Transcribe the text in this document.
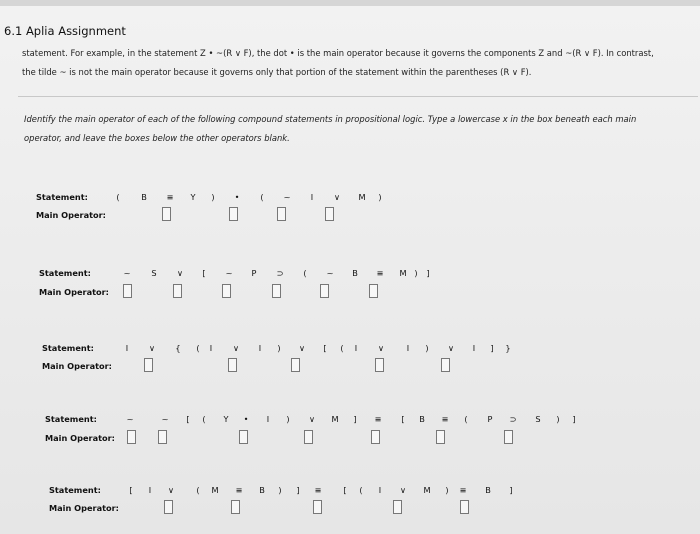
6.1 Aplia Assignment
statement. For example, in the statement Z • ~(R ∨ F), the dot • is the main operator because it governs the components Z and ~(R ∨ F). In contrast,
the tilde ~ is not the main operator because it governs only that portion of the statement within the parentheses (R ∨ F).
Identify the main operator of each of the following compound statements in propositional logic. Type a lowercase x in the box beneath each main
operator, and leave the boxes below the other operators blank.
Statement:
Main Operator:
(	B	≡	Y	)	•	(	~	I	∨	M	)
Statement:
Main Operator:
~	S	∨	[	~	P	⊃	(	~	B	≡	M )	]
Statement:
Main Operator:
I	∨	{	(	I	∨	I	)	∨	[	(	I	∨	I	)	∨	I	]	}
Statement:
Main Operator:
~	~	[	(	Y	•	I	)	∨	M	]	≡	[	B	≡	(	P	⊃	S	)	]
Statement:
Main Operator:
[	I	∨	(	M	≡	B	)	]	≡	[	(	I	∨	M	)	≡	B	]
